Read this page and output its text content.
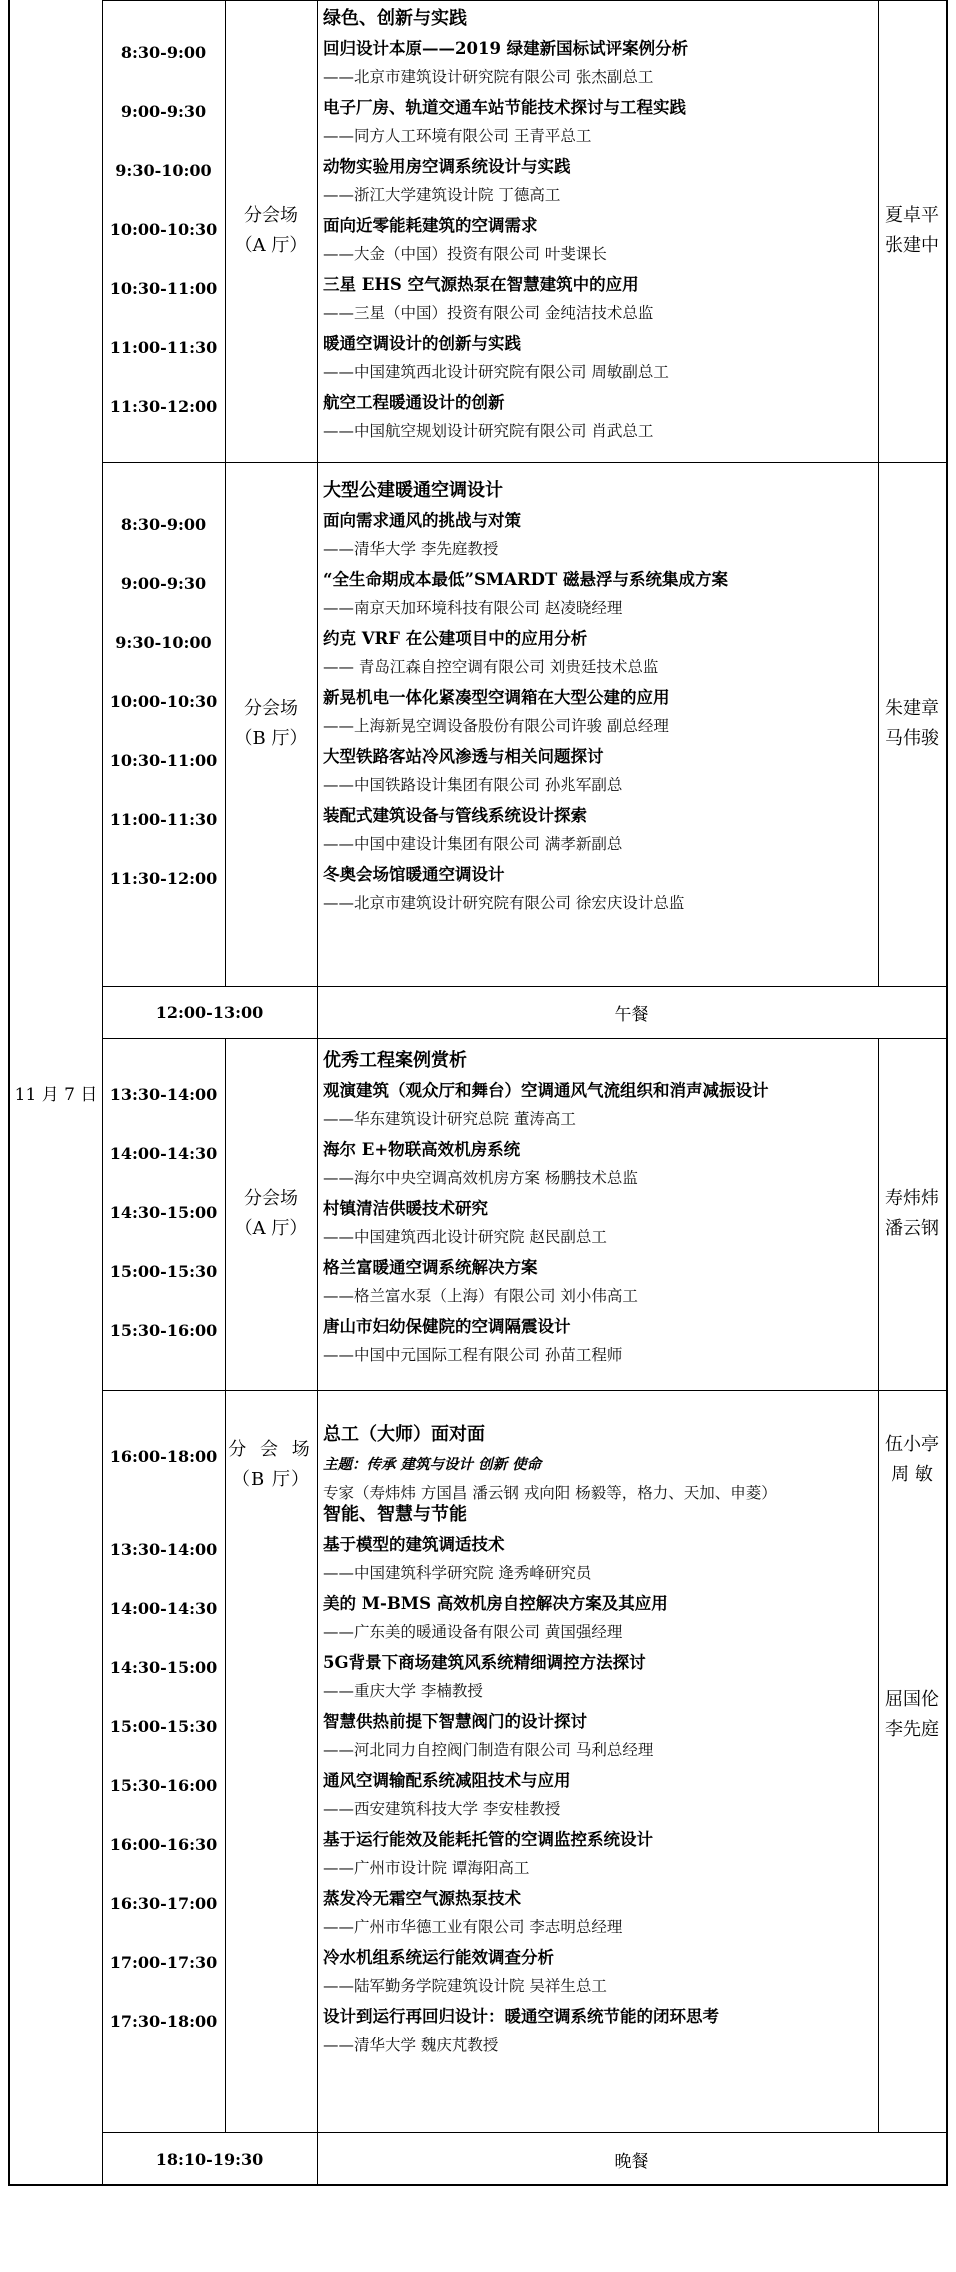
11 月 7 日
12:00-13:00	午餐
18:10-19:30	晚餐
8:30-9:00
9:00-9:30
9:30-10:00
10:00-10:30
10:30-11:00
11:00-11:30
11:30-12:00
分会场
（A 厅）
夏卓平
张建中
绿色、创新与实践
回归设计本原——2019 绿建新国标试评案例分析
——北京市建筑设计研究院有限公司 张杰副总工
电子厂房、轨道交通车站节能技术探讨与工程实践
——同方人工环境有限公司 王青平总工
动物实验用房空调系统设计与实践
——浙江大学建筑设计院 丁德高工
面向近零能耗建筑的空调需求
——大金（中国）投资有限公司 叶斐课长
三星 EHS 空气源热泵在智慧建筑中的应用
——三星（中国）投资有限公司 金纯洁技术总监
暖通空调设计的创新与实践
——中国建筑西北设计研究院有限公司 周敏副总工
航空工程暖通设计的创新
——中国航空规划设计研究院有限公司 肖武总工
8:30-9:00
9:00-9:30
9:30-10:00
10:00-10:30
10:30-11:00
11:00-11:30
11:30-12:00
分会场
（B 厅）
朱建章
马伟骏
大型公建暖通空调设计
面向需求通风的挑战与对策
——清华大学 李先庭教授
“全生命期成本最低”SMARDT 磁悬浮与系统集成方案
——南京天加环境科技有限公司 赵凌晓经理
约克 VRF 在公建项目中的应用分析
—— 青岛江森自控空调有限公司 刘贵廷技术总监
新晃机电一体化紧凑型空调箱在大型公建的应用
——上海新晃空调设备股份有限公司许骏 副总经理
大型铁路客站冷风渗透与相关问题探讨
——中国铁路设计集团有限公司 孙兆军副总
装配式建筑设备与管线系统设计探索
——中国中建设计集团有限公司 满孝新副总
冬奥会场馆暖通空调设计
——北京市建筑设计研究院有限公司 徐宏庆设计总监
13:30-14:00
14:00-14:30
14:30-15:00
15:00-15:30
15:30-16:00
分会场
（A 厅）
寿炜炜
潘云钢
优秀工程案例赏析
观演建筑（观众厅和舞台）空调通风气流组织和消声减振设计
——华东建筑设计研究总院 董涛高工
海尔 E+物联高效机房系统
——海尔中央空调高效机房方案 杨鹏技术总监
村镇清洁供暖技术研究
——中国建筑西北设计研究院 赵民副总工
格兰富暖通空调系统解决方案
——格兰富水泵（上海）有限公司 刘小伟高工
唐山市妇幼保健院的空调隔震设计
——中国中元国际工程有限公司 孙苗工程师
16:00-18:00 分 会 场
（B 厅）
伍小亭
周 敏
总工（大师）面对面
主题：传承 建筑与设计 创新 使命
专家（寿炜炜 方国昌 潘云钢 戎向阳 杨毅等，格力、天加、申菱）
13:30-14:00
14:00-14:30
14:30-15:00
15:00-15:30
15:30-16:00
16:00-16:30
16:30-17:00
17:00-17:30
17:30-18:00
屈国伦
李先庭
智能、智慧与节能
基于模型的建筑调适技术
——中国建筑科学研究院 逄秀峰研究员
美的 M-BMS 高效机房自控解决方案及其应用
——广东美的暖通设备有限公司 黄国强经理
5G背景下商场建筑风系统精细调控方法探讨
——重庆大学 李楠教授
智慧供热前提下智慧阀门的设计探讨
——河北同力自控阀门制造有限公司 马利总经理
通风空调输配系统减阻技术与应用
——西安建筑科技大学 李安桂教授
基于运行能效及能耗托管的空调监控系统设计
——广州市设计院 谭海阳高工
蒸发冷无霜空气源热泵技术
——广州市华德工业有限公司 李志明总经理
冷水机组系统运行能效调查分析
——陆军勤务学院建筑设计院 吴祥生总工
设计到运行再回归设计：暖通空调系统节能的闭环思考
——清华大学 魏庆芃教授
